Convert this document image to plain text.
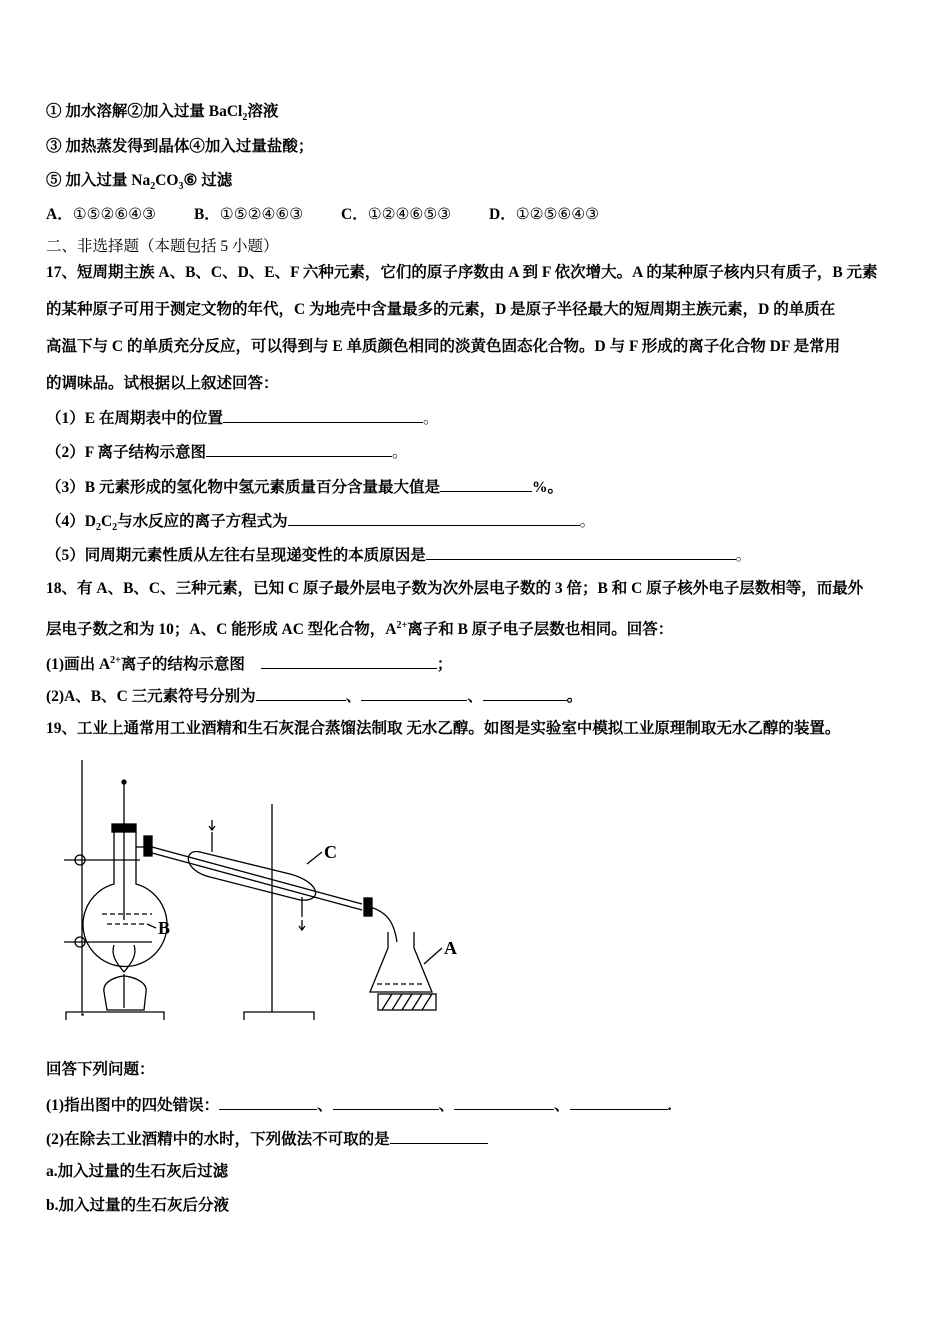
① 加水溶解②加入过量 BaCl$_2$溶液
③ 加热蒸发得到晶体④加入过量盐酸；
⑤ 加入过量 $Na_2CO_3⑥$ 过滤
A．①⑤②⑥④③ B．①⑤②④⑥③ C．①②④⑥⑤③ D．①②⑤⑥④③
二、非选择题（本题包括 5 小题）
17、短周期主族 A、B、C、D、E、F 六种元素，它们的原子序数由 A 到 F 依次增大。A 的某种原子核内只有质子，B 元素
的某种原子可用于测定文物的年代，C 为地壳中含量最多的元素，D 是原子半径最大的短周期主族元素，D 的单质在
高温下与 C 的单质充分反应，可以得到与 E 单质颜色相同的淡黄色固态化合物。D 与 F 形成的离子化合物 DF 是常用
的调味品。试根据以上叙述回答：
（1）E 在周期表中的位置	。
（2）F 离子结构示意图	。
（3）B 元素形成的氢化物中氢元素质量百分含量最大值是	%。
$(4)D_2C_2$与水反应的离子方程式为	。
（5）同周期元素性质从左往右呈现递变性的本质原因是	。
18、有 A、B、C、三种元素，已知 C 原子最外层电子数为次外层电子数的 3 倍；B 和 C 原子核外电子层数相等，而最外
层电子数之和为 10；A、C 能形成 AC 型化合物，$A^{2+}$离子和 B 原子电子层数也相同。回答：
(1)画出 $A^{2+}$离子的结构示意图	；
(2)A、B、C 三元素符号分别为	、	、	。
19、工业上通常用工业酒精和生石灰混合蒸馏法制取 无水乙醇。如图是实验室中模拟工业原理制取无水乙醇的装置。
B
C
A
回答下列问题：
(1)指出图中的四处错误：	、	、	、	.
(2)在除去工业酒精中的水时，下列做法不可取的是
a.加入过量的生石灰后过滤
b.加入过量的生石灰后分液
